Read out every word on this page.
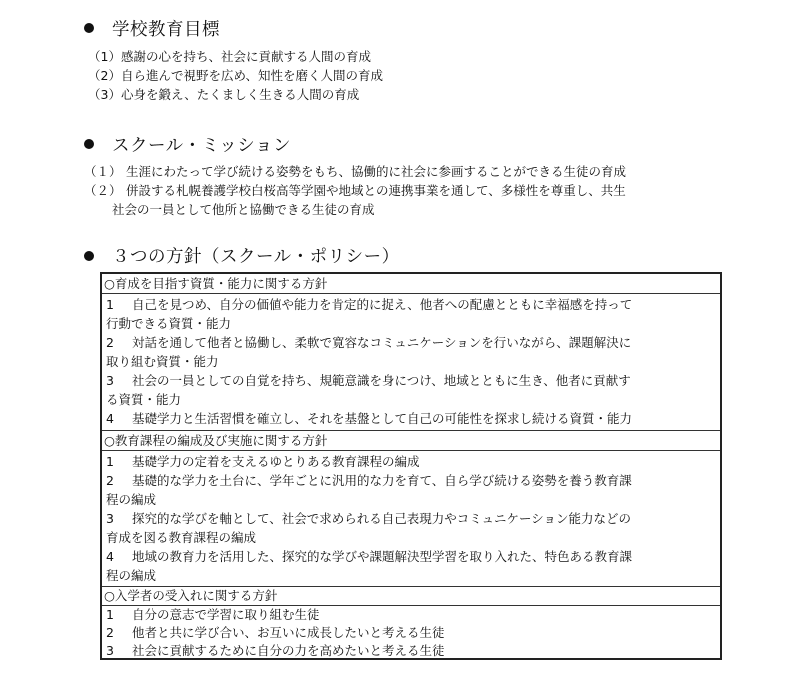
学校教育目標
（1）感謝の心を持ち、社会に貢献する人間の育成
（2）自ら進んで視野を広め、知性を磨く人間の育成
（3）心身を鍛え、たくましく生きる人間の育成
スクール・ミッション
（１） 生涯にわたって学び続ける姿勢をもち、協働的に社会に参画することができる生徒の育成
（２） 併設する札幌養護学校白桜高等学園や地域との連携事業を通して、多様性を尊重し、共生
社会の一員として他所と協働できる生徒の育成
３つの方針（スクール・ポリシー）
○育成を目指す資質・能力に関する方針
1 自己を見つめ、自分の価値や能力を肯定的に捉え、他者への配慮とともに幸福感を持って
行動できる資質・能力
2 対話を通して他者と協働し、柔軟で寛容なコミュニケーションを行いながら、課題解決に
取り組む資質・能力
3 社会の一員としての自覚を持ち、規範意識を身につけ、地域とともに生き、他者に貢献す
る資質・能力
4 基礎学力と生活習慣を確立し、それを基盤として自己の可能性を探求し続ける資質・能力
○教育課程の編成及び実施に関する方針
1 基礎学力の定着を支えるゆとりある教育課程の編成
2 基礎的な学力を土台に、学年ごとに汎用的な力を育て、自ら学び続ける姿勢を養う教育課
程の編成
3 探究的な学びを軸として、社会で求められる自己表現力やコミュニケーション能力などの
育成を図る教育課程の編成
4 地域の教育力を活用した、探究的な学びや課題解決型学習を取り入れた、特色ある教育課
程の編成
○入学者の受入れに関する方針
1 自分の意志で学習に取り組む生徒
2 他者と共に学び合い、お互いに成長したいと考える生徒
3 社会に貢献するために自分の力を高めたいと考える生徒
